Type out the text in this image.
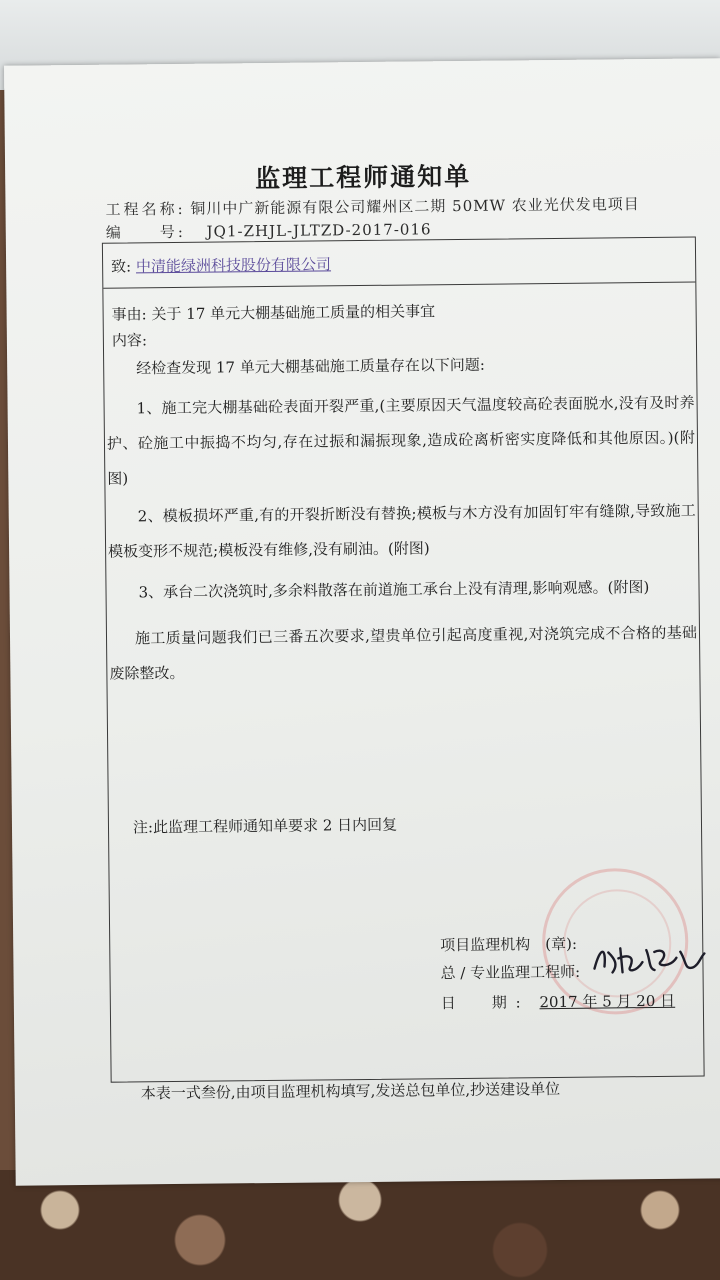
监理工程师通知单
工程名称: 铜川中广新能源有限公司耀州区二期 50MW 农业光伏发电项目
编　　号: JQ1-ZHJL-JLTZD-2017-016
致: 中清能绿洲科技股份有限公司
事由: 关于 17 单元大棚基础施工质量的相关事宜
内容:
经检查发现 17 单元大棚基础施工质量存在以下问题:
1、施工完大棚基础砼表面开裂严重,(主要原因天气温度较高砼表面脱水,没有及时养护、砼施工中振捣不均匀,存在过振和漏振现象,造成砼离析密实度降低和其他原因。)(附图)
2、模板损坏严重,有的开裂折断没有替换;模板与木方没有加固钉牢有缝隙,导致施工模板变形不规范;模板没有维修,没有刷油。(附图)
3、承台二次浇筑时,多余料散落在前道施工承台上没有清理,影响观感。(附图)
施工质量问题我们已三番五次要求,望贵单位引起高度重视,对浇筑完成不合格的基础废除整改。
注:此监理工程师通知单要求 2 日内回复
项目监理机构　(章):
总 / 专业监理工程师:
日　　期 : 2017 年 5 月 20 日
本表一式叁份,由项目监理机构填写,发送总包单位,抄送建设单位
